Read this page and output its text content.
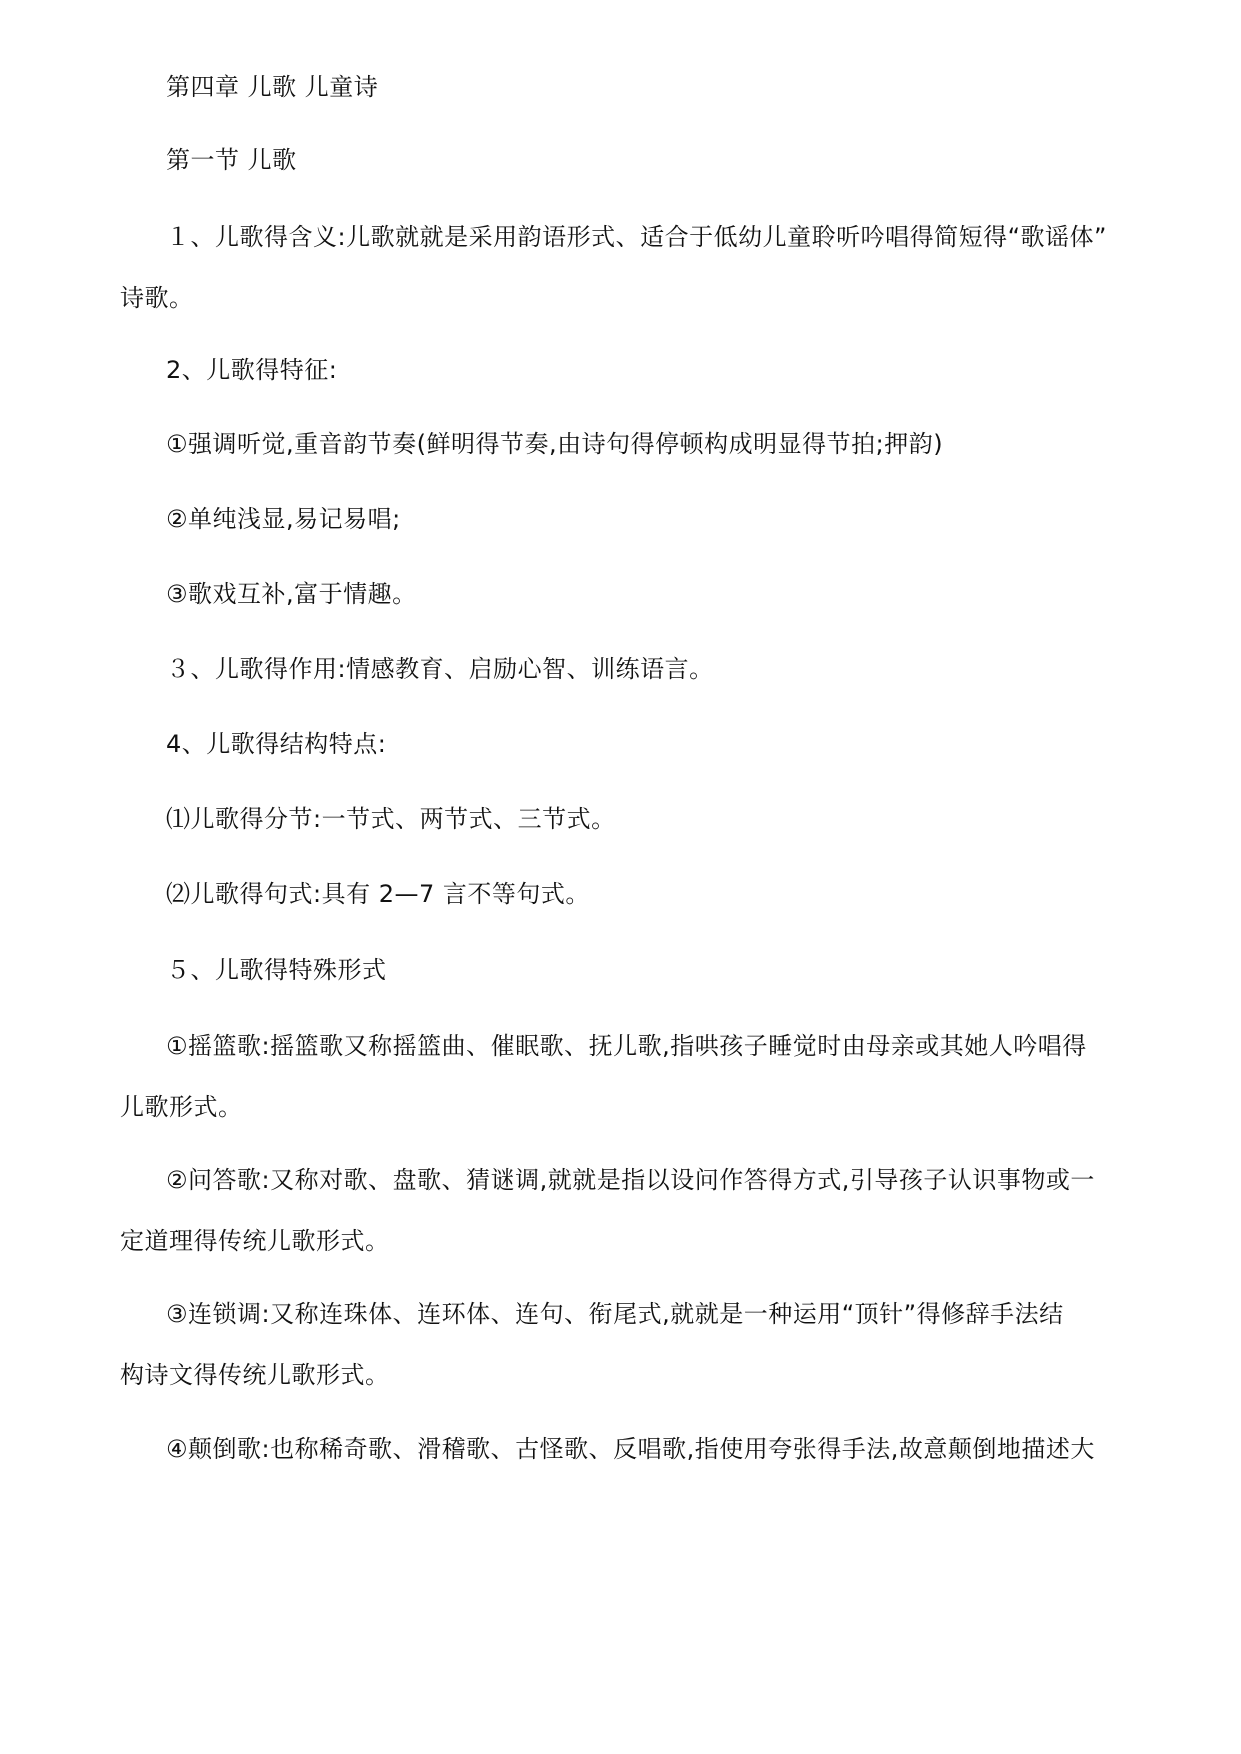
第四章 儿歌 儿童诗
第一节 儿歌
１、儿歌得含义:儿歌就就是采用韵语形式、适合于低幼儿童聆听吟唱得简短得“歌谣体”
诗歌。
2、儿歌得特征:
①强调听觉,重音韵节奏(鲜明得节奏,由诗句得停顿构成明显得节拍;押韵)
②单纯浅显,易记易唱;
③歌戏互补,富于情趣。
３、儿歌得作用:情感教育、启励心智、训练语言。
4、儿歌得结构特点:
⑴儿歌得分节:一节式、两节式、三节式。
⑵儿歌得句式:具有 2—7 言不等句式。
５、儿歌得特殊形式
①摇篮歌:摇篮歌又称摇篮曲、催眠歌、抚儿歌,指哄孩子睡觉时由母亲或其她人吟唱得
儿歌形式。
②问答歌:又称对歌、盘歌、猜谜调,就就是指以设问作答得方式,引导孩子认识事物或一
定道理得传统儿歌形式。
③连锁调:又称连珠体、连环体、连句、衔尾式,就就是一种运用“顶针”得修辞手法结
构诗文得传统儿歌形式。
④颠倒歌:也称稀奇歌、滑稽歌、古怪歌、反唱歌,指使用夸张得手法,故意颠倒地描述大
